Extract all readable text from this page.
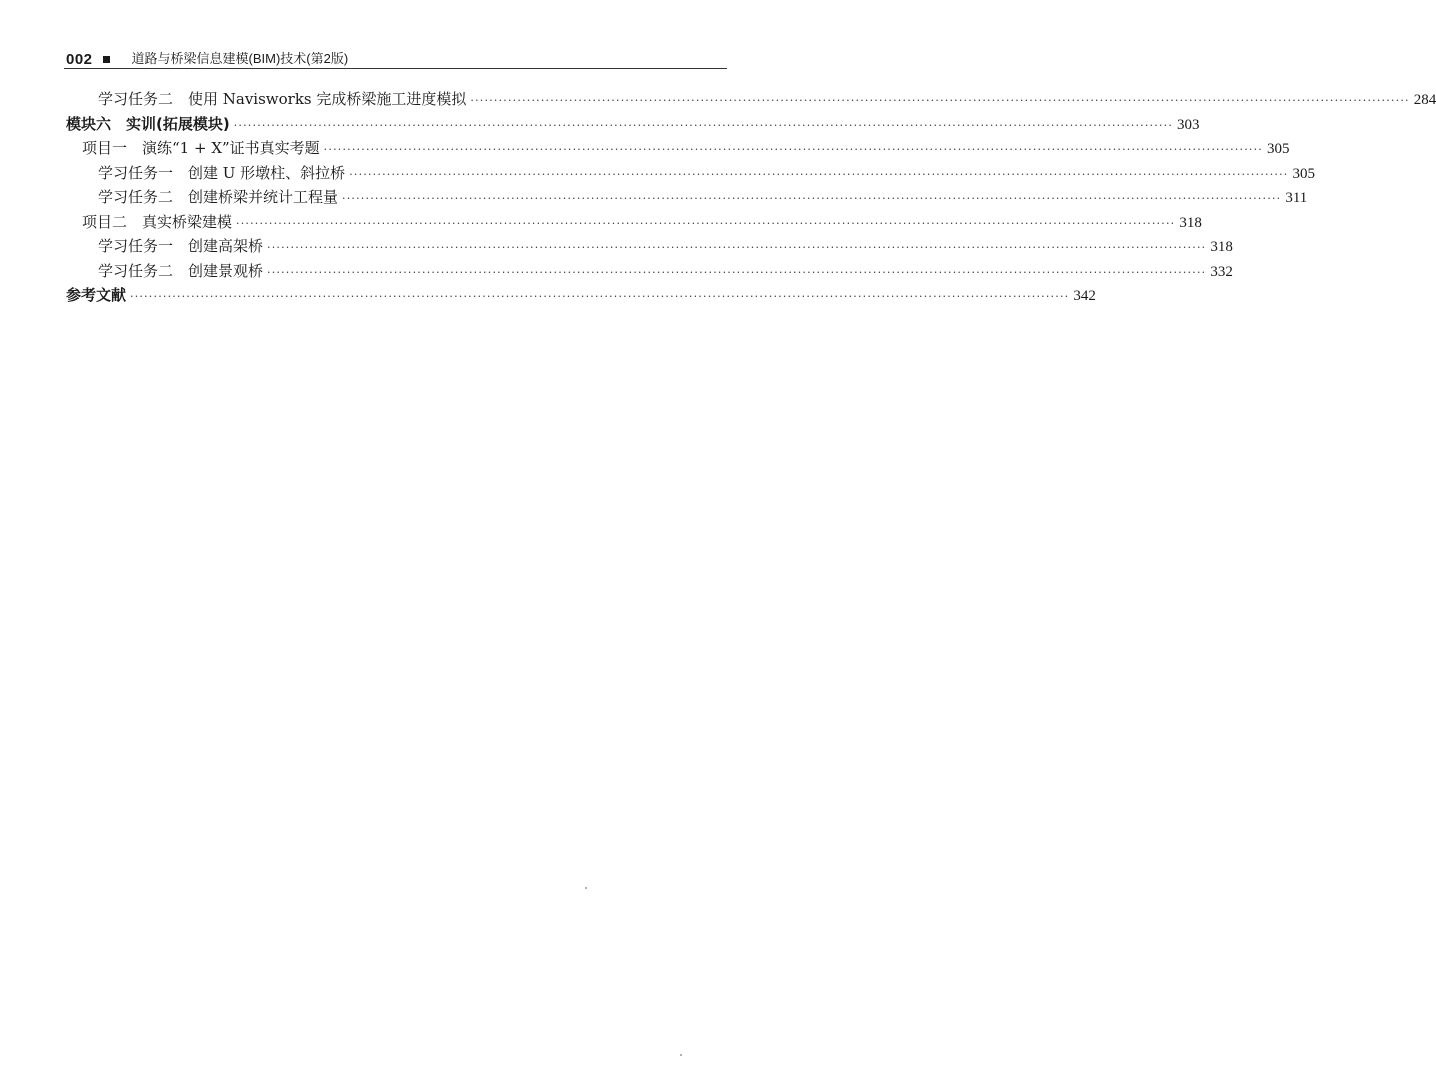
002	道路与桥梁信息建模(BIM)技术(第2版)
学习任务二　使用 Navisworks 完成桥梁施工进度模拟 ········································································································································································································ 284
模块六　实训(拓展模块) ········································································································································································································ 303
项目一　演练“1 + X”证书真实考题 ········································································································································································································ 305
学习任务一　创建 U 形墩柱、斜拉桥 ········································································································································································································ 305
学习任务二　创建桥梁并统计工程量 ········································································································································································································ 311
项目二　真实桥梁建模 ········································································································································································································ 318
学习任务一　创建高架桥 ········································································································································································································ 318
学习任务二　创建景观桥 ········································································································································································································ 332
参考文献 ········································································································································································································ 342
